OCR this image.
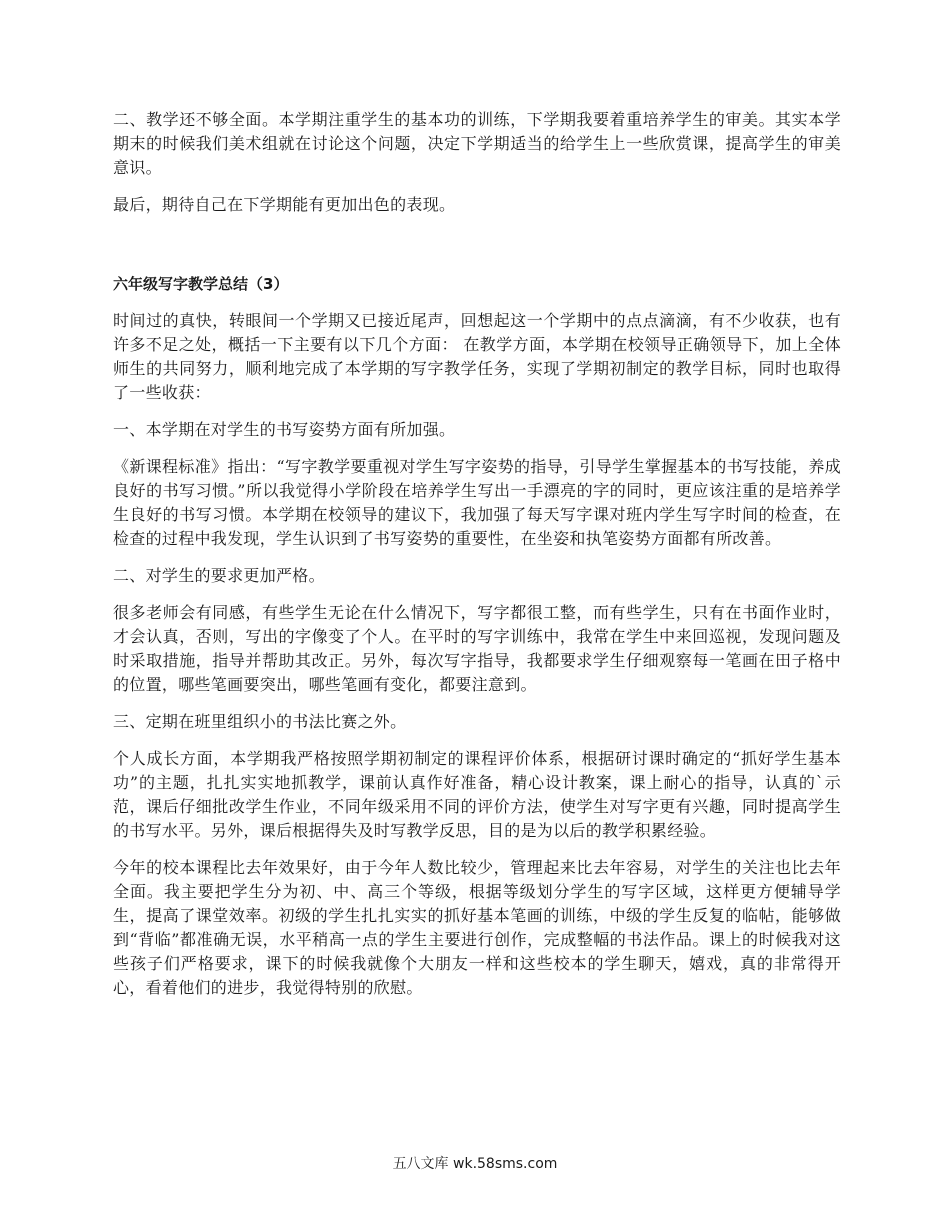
二、教学还不够全面。本学期注重学生的基本功的训练，下学期我要着重培养学生的审美。其实本学期末的时候我们美术组就在讨论这个问题，决定下学期适当的给学生上一些欣赏课，提高学生的审美意识。

最后，期待自己在下学期能有更加出色的表现。

六年级写字教学总结（3）

时间过的真快，转眼间一个学期又已接近尾声，回想起这一个学期中的点点滴滴，有不少收获，也有许多不足之处，概括一下主要有以下几个方面： 在教学方面，本学期在校领导正确领导下，加上全体师生的共同努力，顺利地完成了本学期的写字教学任务，实现了学期初制定的教学目标，同时也取得了一些收获：

一、本学期在对学生的书写姿势方面有所加强。

《新课程标准》指出：“写字教学要重视对学生写字姿势的指导，引导学生掌握基本的书写技能，养成良好的书写习惯。”所以我觉得小学阶段在培养学生写出一手漂亮的字的同时，更应该注重的是培养学生良好的书写习惯。本学期在校领导的建议下，我加强了每天写字课对班内学生写字时间的检查，在检查的过程中我发现，学生认识到了书写姿势的重要性，在坐姿和执笔姿势方面都有所改善。

二、对学生的要求更加严格。

很多老师会有同感，有些学生无论在什么情况下，写字都很工整，而有些学生，只有在书面作业时，才会认真，否则，写出的字像变了个人。在平时的写字训练中，我常在学生中来回巡视，发现问题及时采取措施，指导并帮助其改正。另外，每次写字指导，我都要求学生仔细观察每一笔画在田子格中的位置，哪些笔画要突出，哪些笔画有变化，都要注意到。

三、定期在班里组织小的书法比赛之外。

个人成长方面，本学期我严格按照学期初制定的课程评价体系，根据研讨课时确定的“抓好学生基本功”的主题，扎扎实实地抓教学，课前认真作好准备，精心设计教案，课上耐心的指导，认真的`示范，课后仔细批改学生作业，不同年级采用不同的评价方法，使学生对写字更有兴趣，同时提高学生的书写水平。另外，课后根据得失及时写教学反思，目的是为以后的教学积累经验。

今年的校本课程比去年效果好，由于今年人数比较少，管理起来比去年容易，对学生的关注也比去年全面。我主要把学生分为初、中、高三个等级，根据等级划分学生的写字区域，这样更方便辅导学生，提高了课堂效率。初级的学生扎扎实实的抓好基本笔画的训练，中级的学生反复的临帖，能够做到“背临”都准确无误，水平稍高一点的学生主要进行创作，完成整幅的书法作品。课上的时候我对这些孩子们严格要求，课下的时候我就像个大朋友一样和这些校本的学生聊天，嬉戏，真的非常得开心，看着他们的进步，我觉得特别的欣慰。

五八文库 wk.58sms.com
